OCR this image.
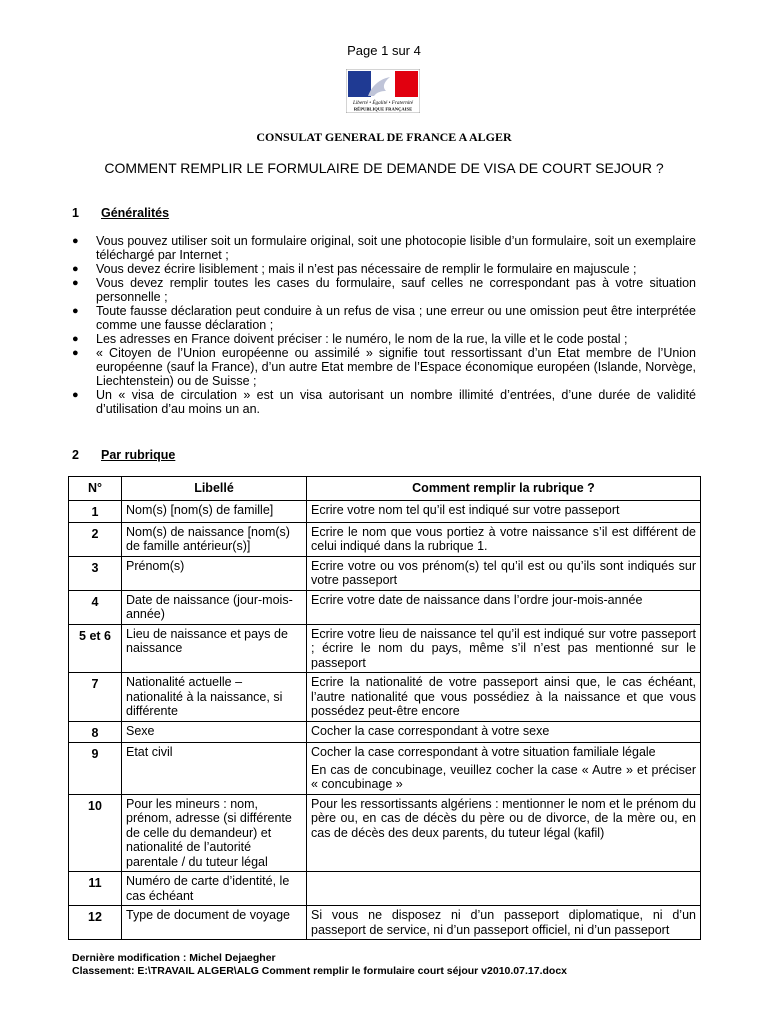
Page 1 sur 4
Liberté • Égalité • Fraternité
RÉPUBLIQUE FRANÇAISE
CONSULAT GENERAL DE FRANCE A ALGER
COMMENT REMPLIR LE FORMULAIRE DE DEMANDE DE VISA DE COURT SEJOUR ?
1 Généralités
● Vous pouvez utiliser soit un formulaire original, soit une photocopie lisible d’un formulaire, soit un exemplaire téléchargé par Internet ;
● Vous devez écrire lisiblement ; mais il n’est pas nécessaire de remplir le formulaire en majuscule ;
● Vous devez remplir toutes les cases du formulaire, sauf celles ne correspondant pas à votre situation personnelle ;
● Toute fausse déclaration peut conduire à un refus de visa ; une erreur ou une omission peut être interprétée comme une fausse déclaration ;
● Les adresses en France doivent préciser : le numéro, le nom de la rue, la ville et le code postal ;
● « Citoyen de l’Union européenne ou assimilé » signifie tout ressortissant d’un Etat membre de l’Union européenne (sauf la France), d’un autre Etat membre de l’Espace économique européen (Islande, Norvège, Liechtenstein) ou de Suisse ;
● Un « visa de circulation » est un visa autorisant un nombre illimité d’entrées, d’une durée de validité d’utilisation d’au moins un an.
2 Par rubrique
N°	Libellé	Comment remplir la rubrique ?
1	Nom(s) [nom(s) de famille]	Ecrire votre nom tel qu’il est indiqué sur votre passeport

2	Nom(s) de naissance [nom(s) de famille antérieur(s)]	Ecrire le nom que vous portiez à votre naissance s’il est différent de celui indiqué dans la rubrique 1.

3	Prénom(s)	Ecrire votre ou vos prénom(s) tel qu’il est ou qu’ils sont indiqués sur votre passeport

4	Date de naissance (jour-mois-année)	Ecrire votre date de naissance dans l’ordre jour-mois-année

5 et 6	Lieu de naissance et pays de naissance	Ecrire votre lieu de naissance tel qu’il est indiqué sur votre passeport ; écrire le nom du pays, même s’il n’est pas mentionné sur le passeport

7	Nationalité actuelle – nationalité à la naissance, si différente	Ecrire la nationalité de votre passeport ainsi que, le cas échéant, l’autre nationalité que vous possédiez à la naissance et que vous possédez peut-être encore

8	Sexe	Cocher la case correspondant à votre sexe

9	Etat civil	Cocher la case correspondant à votre situation familiale légale
En cas de concubinage, veuillez cocher la case « Autre » et préciser « concubinage »

10	Pour les mineurs : nom, prénom, adresse (si différente de celle du demandeur) et nationalité de l’autorité parentale / du tuteur légal	Pour les ressortissants algériens : mentionner le nom et le prénom du père ou, en cas de décès du père ou de divorce, de la mère ou, en cas de décès des deux parents, du tuteur légal (kafil)

11	Numéro de carte d’identité, le cas échéant	

12	Type de document de voyage	Si vous ne disposez ni d’un passeport diplomatique, ni d’un passeport de service, ni d’un passeport officiel, ni d’un passeport
Dernière modification : Michel Dejaegher
Classement: E:\TRAVAIL ALGER\ALG Comment remplir le formulaire court séjour v2010.07.17.docx
